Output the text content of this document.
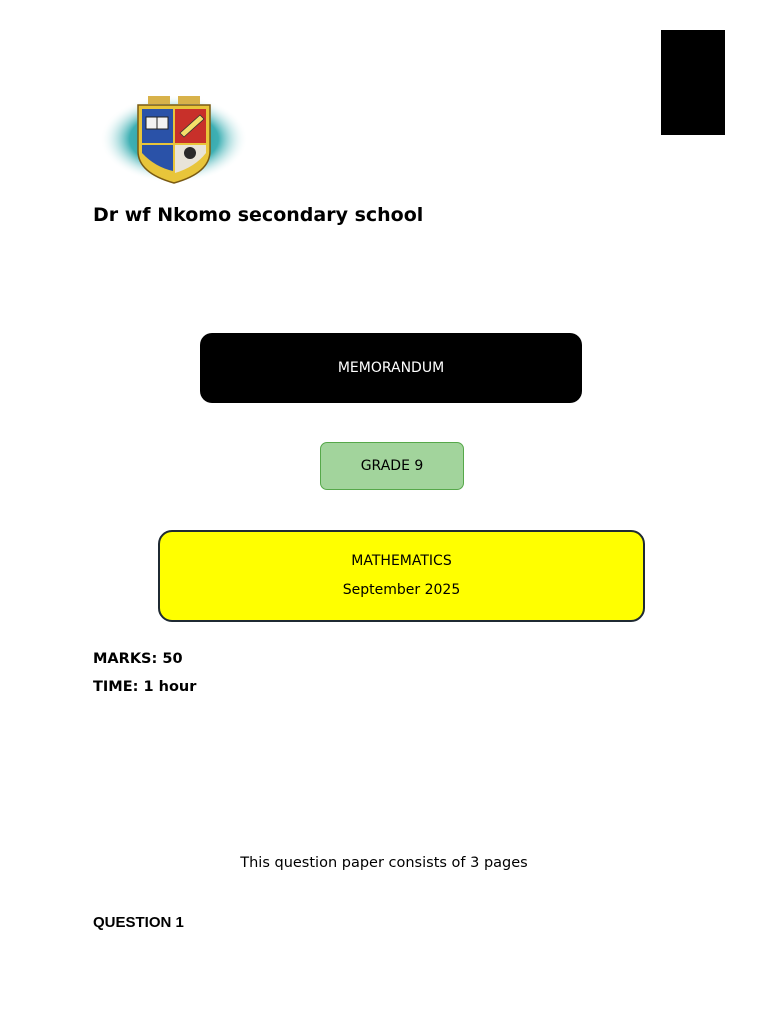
Dr wf Nkomo secondary school
MEMORANDUM
GRADE 9
MATHEMATICS
September 2025
MARKS: 50
TIME: 1 hour
This question paper consists of 3 pages
QUESTION 1
